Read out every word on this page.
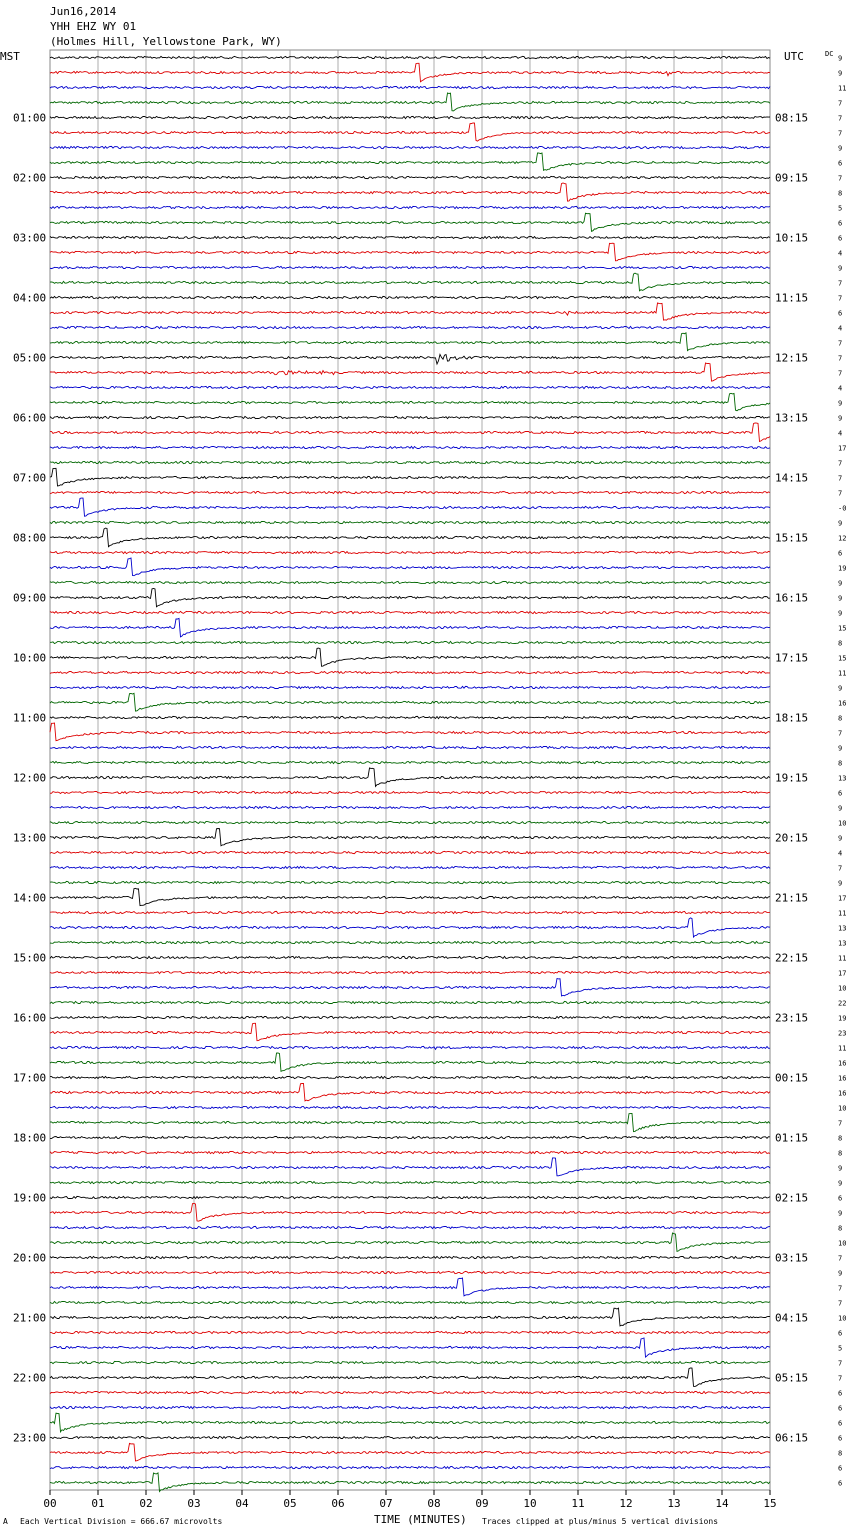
Jun16,2014
YHH EHZ WY 01
(Holmes Hill, Yellowstone Park, WY)
01:00
02:00
03:00
04:00
05:00
06:00
07:00
08:00
09:00
10:00
11:00
12:00
13:00
14:00
15:00
16:00
17:00
18:00
19:00
20:00
21:00
22:00
23:00
08:15
09:15
10:15
11:15
12:15
13:15
14:15
15:15
16:15
17:15
18:15
19:15
20:15
21:15
22:15
23:15
00:15
01:15
02:15
03:15
04:15
05:15
06:15
9
9
11
7
7
7
9
6
7
8
5
6
6
4
9
7
7
6
4
7
7
7
4
9
9
4
17
7
7
7
-0
9
12
6
19
9
9
9
15
8
15
11
9
16
8
7
9
8
13
6
9
10
9
4
7
9
17
11
13
13
11
17
10
22
19
23
11
16
16
16
10
7
8
8
9
9
6
9
8
10
7
9
7
7
10
6
5
7
7
6
6
6
6
8
6
6
00	01	02	03	04	05	06	07	08	09	10	11	12	13	14	15
MST	UTC	DC
A Each Vertical Division = 666.67 microvolts	TIME (MINUTES) Traces clipped at plus/minus 5 vertical divisions
